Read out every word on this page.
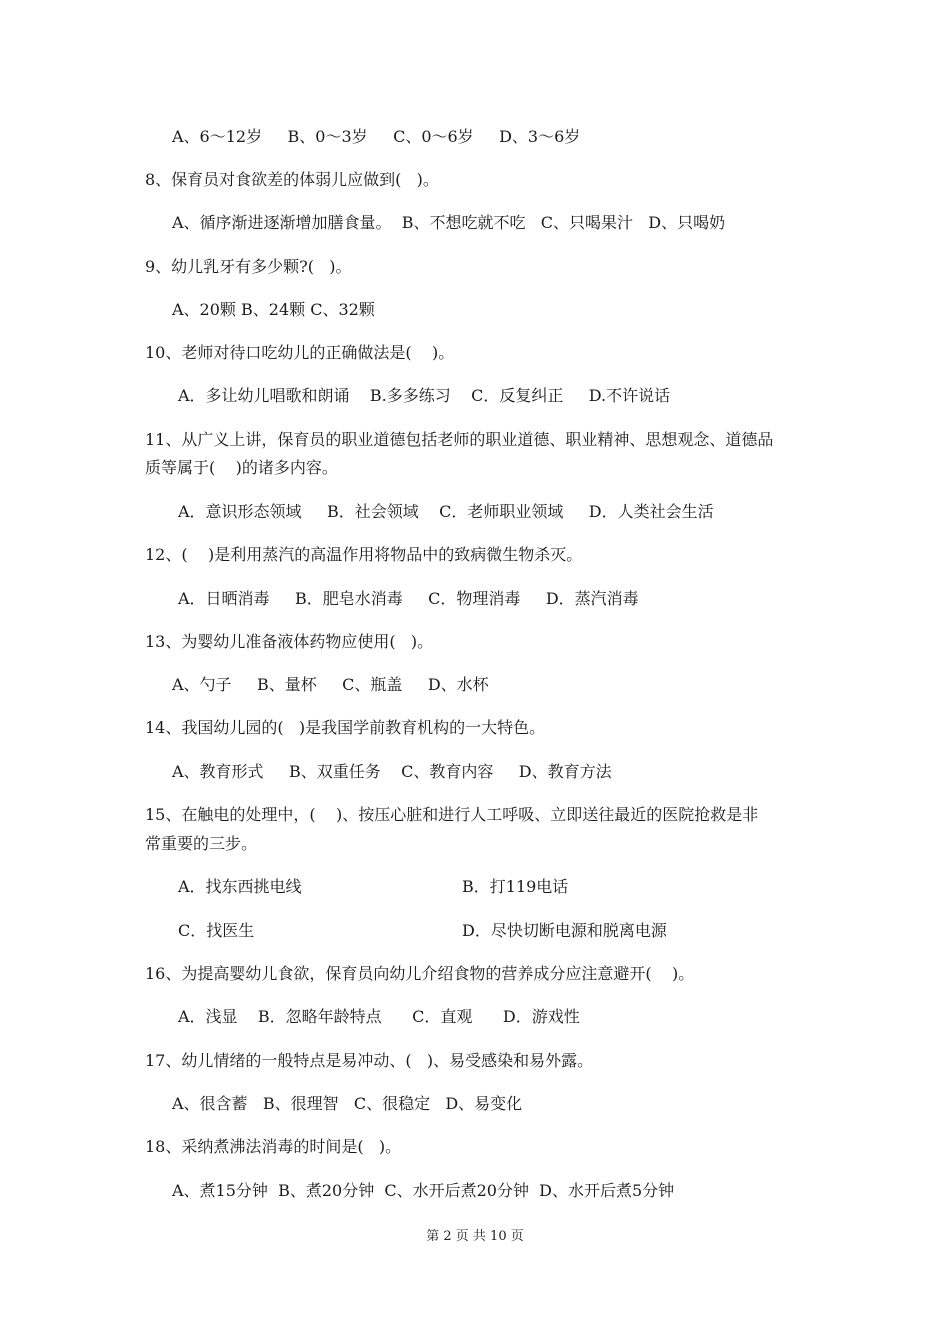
A、6～12岁     B、0～3岁     C、0～6岁     D、3～6岁
8、保育员对食欲差的体弱儿应做到(   )。
A、循序渐进逐渐增加膳食量。  B、不想吃就不吃   C、只喝果汁   D、只喝奶
9、幼儿乳牙有多少颗?(   )。
A、20颗 B、24颗 C、32颗
10、老师对待口吃幼儿的正确做法是(    )。
A．多让幼儿唱歌和朗诵    B.多多练习    C．反复纠正     D.不许说话
11、从广义上讲，保育员的职业道德包括老师的职业道德、职业精神、思想观念、道德品
质等属于(    )的诸多内容。
A．意识形态领域     B．社会领域    C．老师职业领域     D．人类社会生活
12、(    )是利用蒸汽的高温作用将物品中的致病微生物杀灭。
A．日晒消毒     B．肥皂水消毒     C．物理消毒     D．蒸汽消毒
13、为婴幼儿准备液体药物应使用(   )。
A、勺子     B、量杯     C、瓶盖     D、水杯
14、我国幼儿园的(   )是我国学前教育机构的一大特色。
A、教育形式     B、双重任务    C、教育内容     D、教育方法
15、在触电的处理中，(    )、按压心脏和进行人工呼吸、立即送往最近的医院抢救是非
常重要的三步。
A．找东西挑电线	B．打119电话
C．找医生	D．尽快切断电源和脱离电源
16、为提高婴幼儿食欲，保育员向幼儿介绍食物的营养成分应注意避开(    )。
A．浅显    B．忽略年龄特点      C．直观      D．游戏性
17、幼儿情绪的一般特点是易冲动、(   )、易受感染和易外露。
A、很含蓄   B、很理智   C、很稳定   D、易变化
18、采纳煮沸法消毒的时间是(   )。
A、煮15分钟  B、煮20分钟  C、水开后煮20分钟  D、水开后煮5分钟
第 2 页 共 10 页
